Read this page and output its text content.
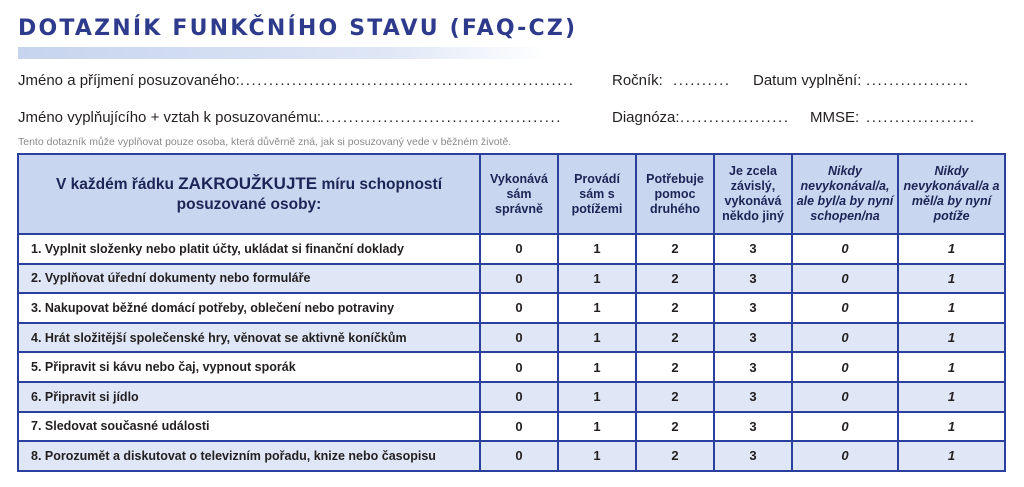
DOTAZNÍK FUNKČNÍHO STAVU (FAQ-CZ)
Jméno a příjmení posuzovaného: ..........................................................	Ročník: ..........	Datum vyplnění: ..................
Jméno vyplňujícího + vztah k posuzovanému:
...........................................	Diagnóza: ...................	MMSE: ...................
Tento dotazník může vyplňovat pouze osoba, která důvěrně zná, jak si posuzovaný vede v běžném životě.
V každém řádku ZAKROUŽKUJTE míru schopností posuzované osoby:	Vykonává sám správně	Provádí sám s potížemi	Potřebuje pomoc druhého	Je zcela závislý, vykonává někdo jiný	Nikdy nevykonával/a, ale byl/a by nyní schopen/na	Nikdy nevykonával/a a měl/a by nyní potíže
1. Vyplnit složenky nebo platit účty, ukládat si finanční doklady	0	1	2	3	0	1
2. Vyplňovat úřední dokumenty nebo formuláře	0	1	2	3	0	1
3. Nakupovat běžné domácí potřeby, oblečení nebo potraviny	0	1	2	3	0	1
4. Hrát složitější společenské hry, věnovat se aktivně koníčkům	0	1	2	3	0	1
5. Připravit si kávu nebo čaj, vypnout sporák	0	1	2	3	0	1
6. Připravit si jídlo	0	1	2	3	0	1
7. Sledovat současné události	0	1	2	3	0	1
8. Porozumět a diskutovat o televizním pořadu, knize nebo časopisu	0	1	2	3	0	1
